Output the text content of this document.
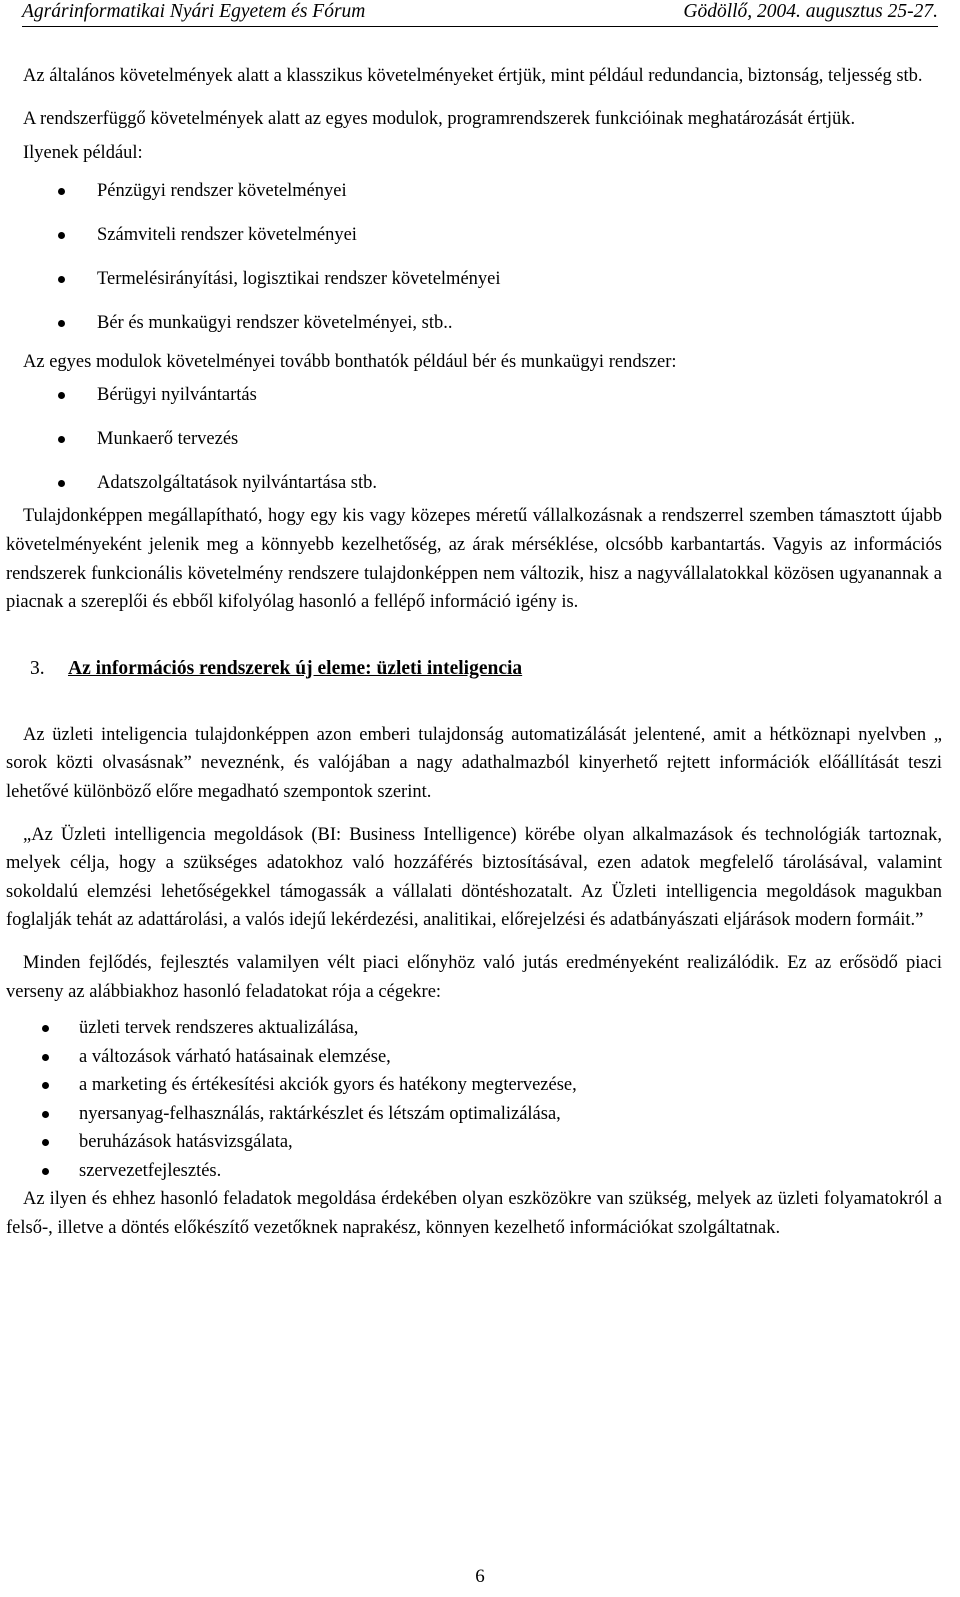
Agrárinformatikai Nyári Egyetem és Fórum	Gödöllő, 2004. augusztus 25-27.

Az általános követelmények alatt a klasszikus követelményeket értjük, mint például redundancia, biztonság, teljesség stb.

A rendszerfüggő követelmények alatt az egyes modulok, programrendszerek funkcióinak meghatározását értjük.

Ilyenek például:

Pénzügyi rendszer követelményei
Számviteli rendszer követelményei
Termelésirányítási, logisztikai rendszer követelményei
Bér és munkaügyi rendszer követelményei, stb..

Az egyes modulok követelményei tovább bonthatók például bér és munkaügyi rendszer:

Bérügyi nyilvántartás
Munkaerő tervezés
Adatszolgáltatások nyilvántartása stb.

Tulajdonképpen megállapítható, hogy egy kis vagy közepes méretű vállalkozásnak a rendszerrel szemben támasztott újabb követelményeként jelenik meg a könnyebb kezelhetőség, az árak mérséklése, olcsóbb karbantartás. Vagyis az információs rendszerek funkcionális követelmény rendszere tulajdonképpen nem változik, hisz a nagyvállalatokkal közösen ugyanannak a piacnak a szereplői és ebből kifolyólag hasonló a fellépő információ igény is.

3. Az információs rendszerek új eleme: üzleti inteligencia

Az üzleti inteligencia tulajdonképpen azon emberi tulajdonság automatizálását jelentené, amit a hétköznapi nyelvben „ sorok közti olvasásnak” neveznénk, és valójában a nagy adathalmazból kinyerhető rejtett információk előállítását teszi lehetővé különböző előre megadható szempontok szerint.

„Az Üzleti intelligencia megoldások (BI: Business Intelligence) körébe olyan alkalmazások és technológiák tartoznak, melyek célja, hogy a szükséges adatokhoz való hozzáférés biztosításával, ezen adatok megfelelő tárolásával, valamint sokoldalú elemzési lehetőségekkel támogassák a vállalati döntéshozatalt. Az Üzleti intelligencia megoldások magukban foglalják tehát az adattárolási, a valós idejű lekérdezési, analitikai, előrejelzési és adatbányászati eljárások modern formáit.”

Minden fejlődés, fejlesztés valamilyen vélt piaci előnyhöz való jutás eredményeként realizálódik. Ez az erősödő piaci verseny az alábbiakhoz hasonló feladatokat rója a cégekre:

üzleti tervek rendszeres aktualizálása,
a változások várható hatásainak elemzése,
a marketing és értékesítési akciók gyors és hatékony megtervezése,
nyersanyag-felhasználás, raktárkészlet és létszám optimalizálása,
beruházások hatásvizsgálata,
szervezetfejlesztés.

Az ilyen és ehhez hasonló feladatok megoldása érdekében olyan eszközökre van szükség, melyek az üzleti folyamatokról a felső-, illetve a döntés előkészítő vezetőknek naprakész, könnyen kezelhető információkat szolgáltatnak.

6
